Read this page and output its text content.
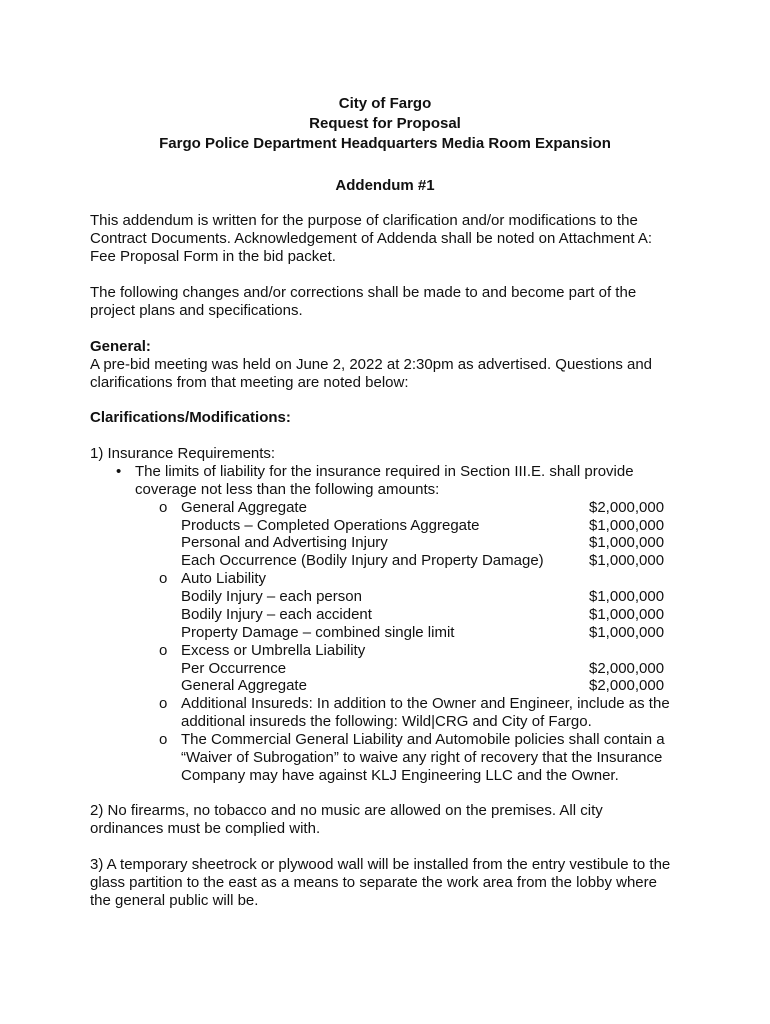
City of Fargo
Request for Proposal
Fargo Police Department Headquarters Media Room Expansion
Addendum #1
This addendum is written for the purpose of clarification and/or modifications to the
Contract Documents. Acknowledgement of Addenda shall be noted on Attachment A:
Fee Proposal Form in the bid packet.
The following changes and/or corrections shall be made to and become part of the
project plans and specifications.
General:
A pre-bid meeting was held on June 2, 2022 at 2:30pm as advertised. Questions and
clarifications from that meeting are noted below:
Clarifications/Modifications:
1) Insurance Requirements:
• The limits of liability for the insurance required in Section III.E. shall provide
coverage not less than the following amounts:
o General Aggregate	$2,000,000
Products – Completed Operations Aggregate	$1,000,000
Personal and Advertising Injury	$1,000,000
Each Occurrence (Bodily Injury and Property Damage)	$1,000,000
o Auto Liability
Bodily Injury – each person	$1,000,000
Bodily Injury – each accident	$1,000,000
Property Damage – combined single limit	$1,000,000
o Excess or Umbrella Liability
Per Occurrence	$2,000,000
General Aggregate	$2,000,000
o Additional Insureds: In addition to the Owner and Engineer, include as the
additional insureds the following: Wild|CRG and City of Fargo.
o The Commercial General Liability and Automobile policies shall contain a
“Waiver of Subrogation” to waive any right of recovery that the Insurance
Company may have against KLJ Engineering LLC and the Owner.
2) No firearms, no tobacco and no music are allowed on the premises. All city
ordinances must be complied with.
3) A temporary sheetrock or plywood wall will be installed from the entry vestibule to the
glass partition to the east as a means to separate the work area from the lobby where
the general public will be.
